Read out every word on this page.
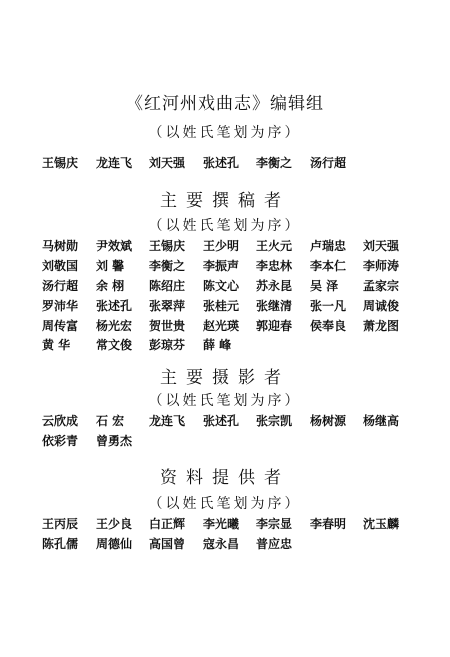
《红河州戏曲志》编辑组
（以姓氏笔划为序）
王锡庆 龙连飞 刘天强 张述孔 李衡之 汤行超
主要撰稿者
（以姓氏笔划为序）
马树勋 尹效斌 王锡庆 王少明 王火元 卢瑞忠 刘天强
刘敬国 刘 馨 李衡之 李振声 李忠林 李本仁 李师涛
汤行超 余 栩 陈绍庄 陈文心 苏永昆 吴 泽 孟家宗
罗沛华 张述孔 张翠萍 张桂元 张继清 张一凡 周诚俊
周传富 杨光宏 贺世贵 赵光瑛 郭迎春 侯奉良 萧龙图
黄 华 常文俊 彭琼芬 薛 峰
主要摄影者
（以姓氏笔划为序）
云欣成 石 宏 龙连飞 张述孔 张宗凯 杨树源 杨继高
依彩青 曾勇杰
资料提供者
（以姓氏笔划为序）
王丙辰 王少良 白正辉 李光曦 李宗显 李春明 沈玉麟
陈孔儒 周德仙 高国曾 寇永昌 普应忠
